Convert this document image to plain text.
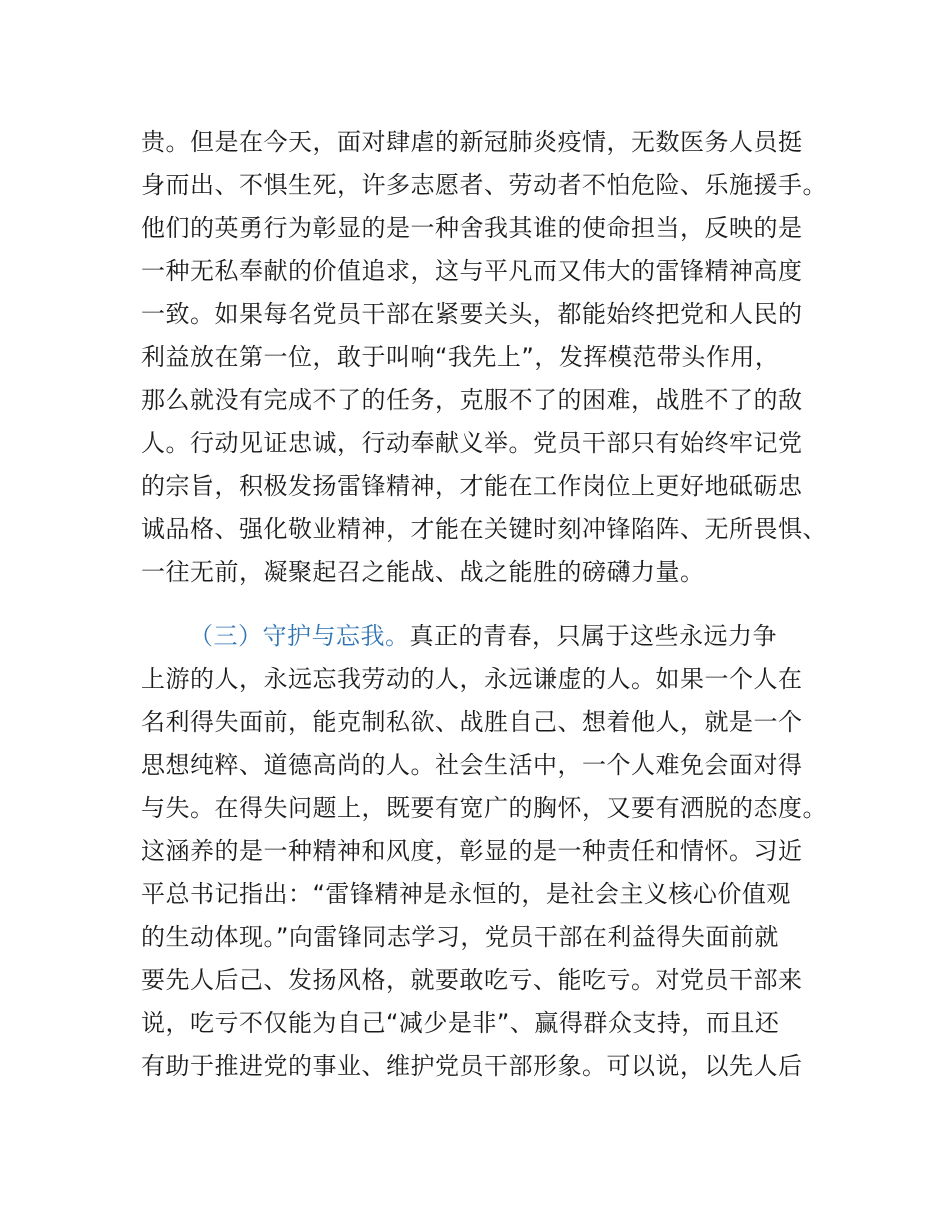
贵。但是在今天，面对肆虐的新冠肺炎疫情，无数医务人员挺
身而出、不惧生死，许多志愿者、劳动者不怕危险、乐施援手。
他们的英勇行为彰显的是一种舍我其谁的使命担当，反映的是
一种无私奉献的价值追求，这与平凡而又伟大的雷锋精神高度
一致。如果每名党员干部在紧要关头，都能始终把党和人民的
利益放在第一位，敢于叫响“我先上”，发挥模范带头作用，
那么就没有完成不了的任务，克服不了的困难，战胜不了的敌
人。行动见证忠诚，行动奉献义举。党员干部只有始终牢记党
的宗旨，积极发扬雷锋精神，才能在工作岗位上更好地砥砺忠
诚品格、强化敬业精神，才能在关键时刻冲锋陷阵、无所畏惧、
一往无前，凝聚起召之能战、战之能胜的磅礴力量。
（三）守护与忘我。真正的青春，只属于这些永远力争
上游的人，永远忘我劳动的人，永远谦虚的人。如果一个人在
名利得失面前，能克制私欲、战胜自己、想着他人，就是一个
思想纯粹、道德高尚的人。社会生活中，一个人难免会面对得
与失。在得失问题上，既要有宽广的胸怀，又要有洒脱的态度。
这涵养的是一种精神和风度，彰显的是一种责任和情怀。习近
平总书记指出：“雷锋精神是永恒的，是社会主义核心价值观
的生动体现。”向雷锋同志学习，党员干部在利益得失面前就
要先人后己、发扬风格，就要敢吃亏、能吃亏。对党员干部来
说，吃亏不仅能为自己“减少是非”、赢得群众支持，而且还
有助于推进党的事业、维护党员干部形象。可以说，以先人后
